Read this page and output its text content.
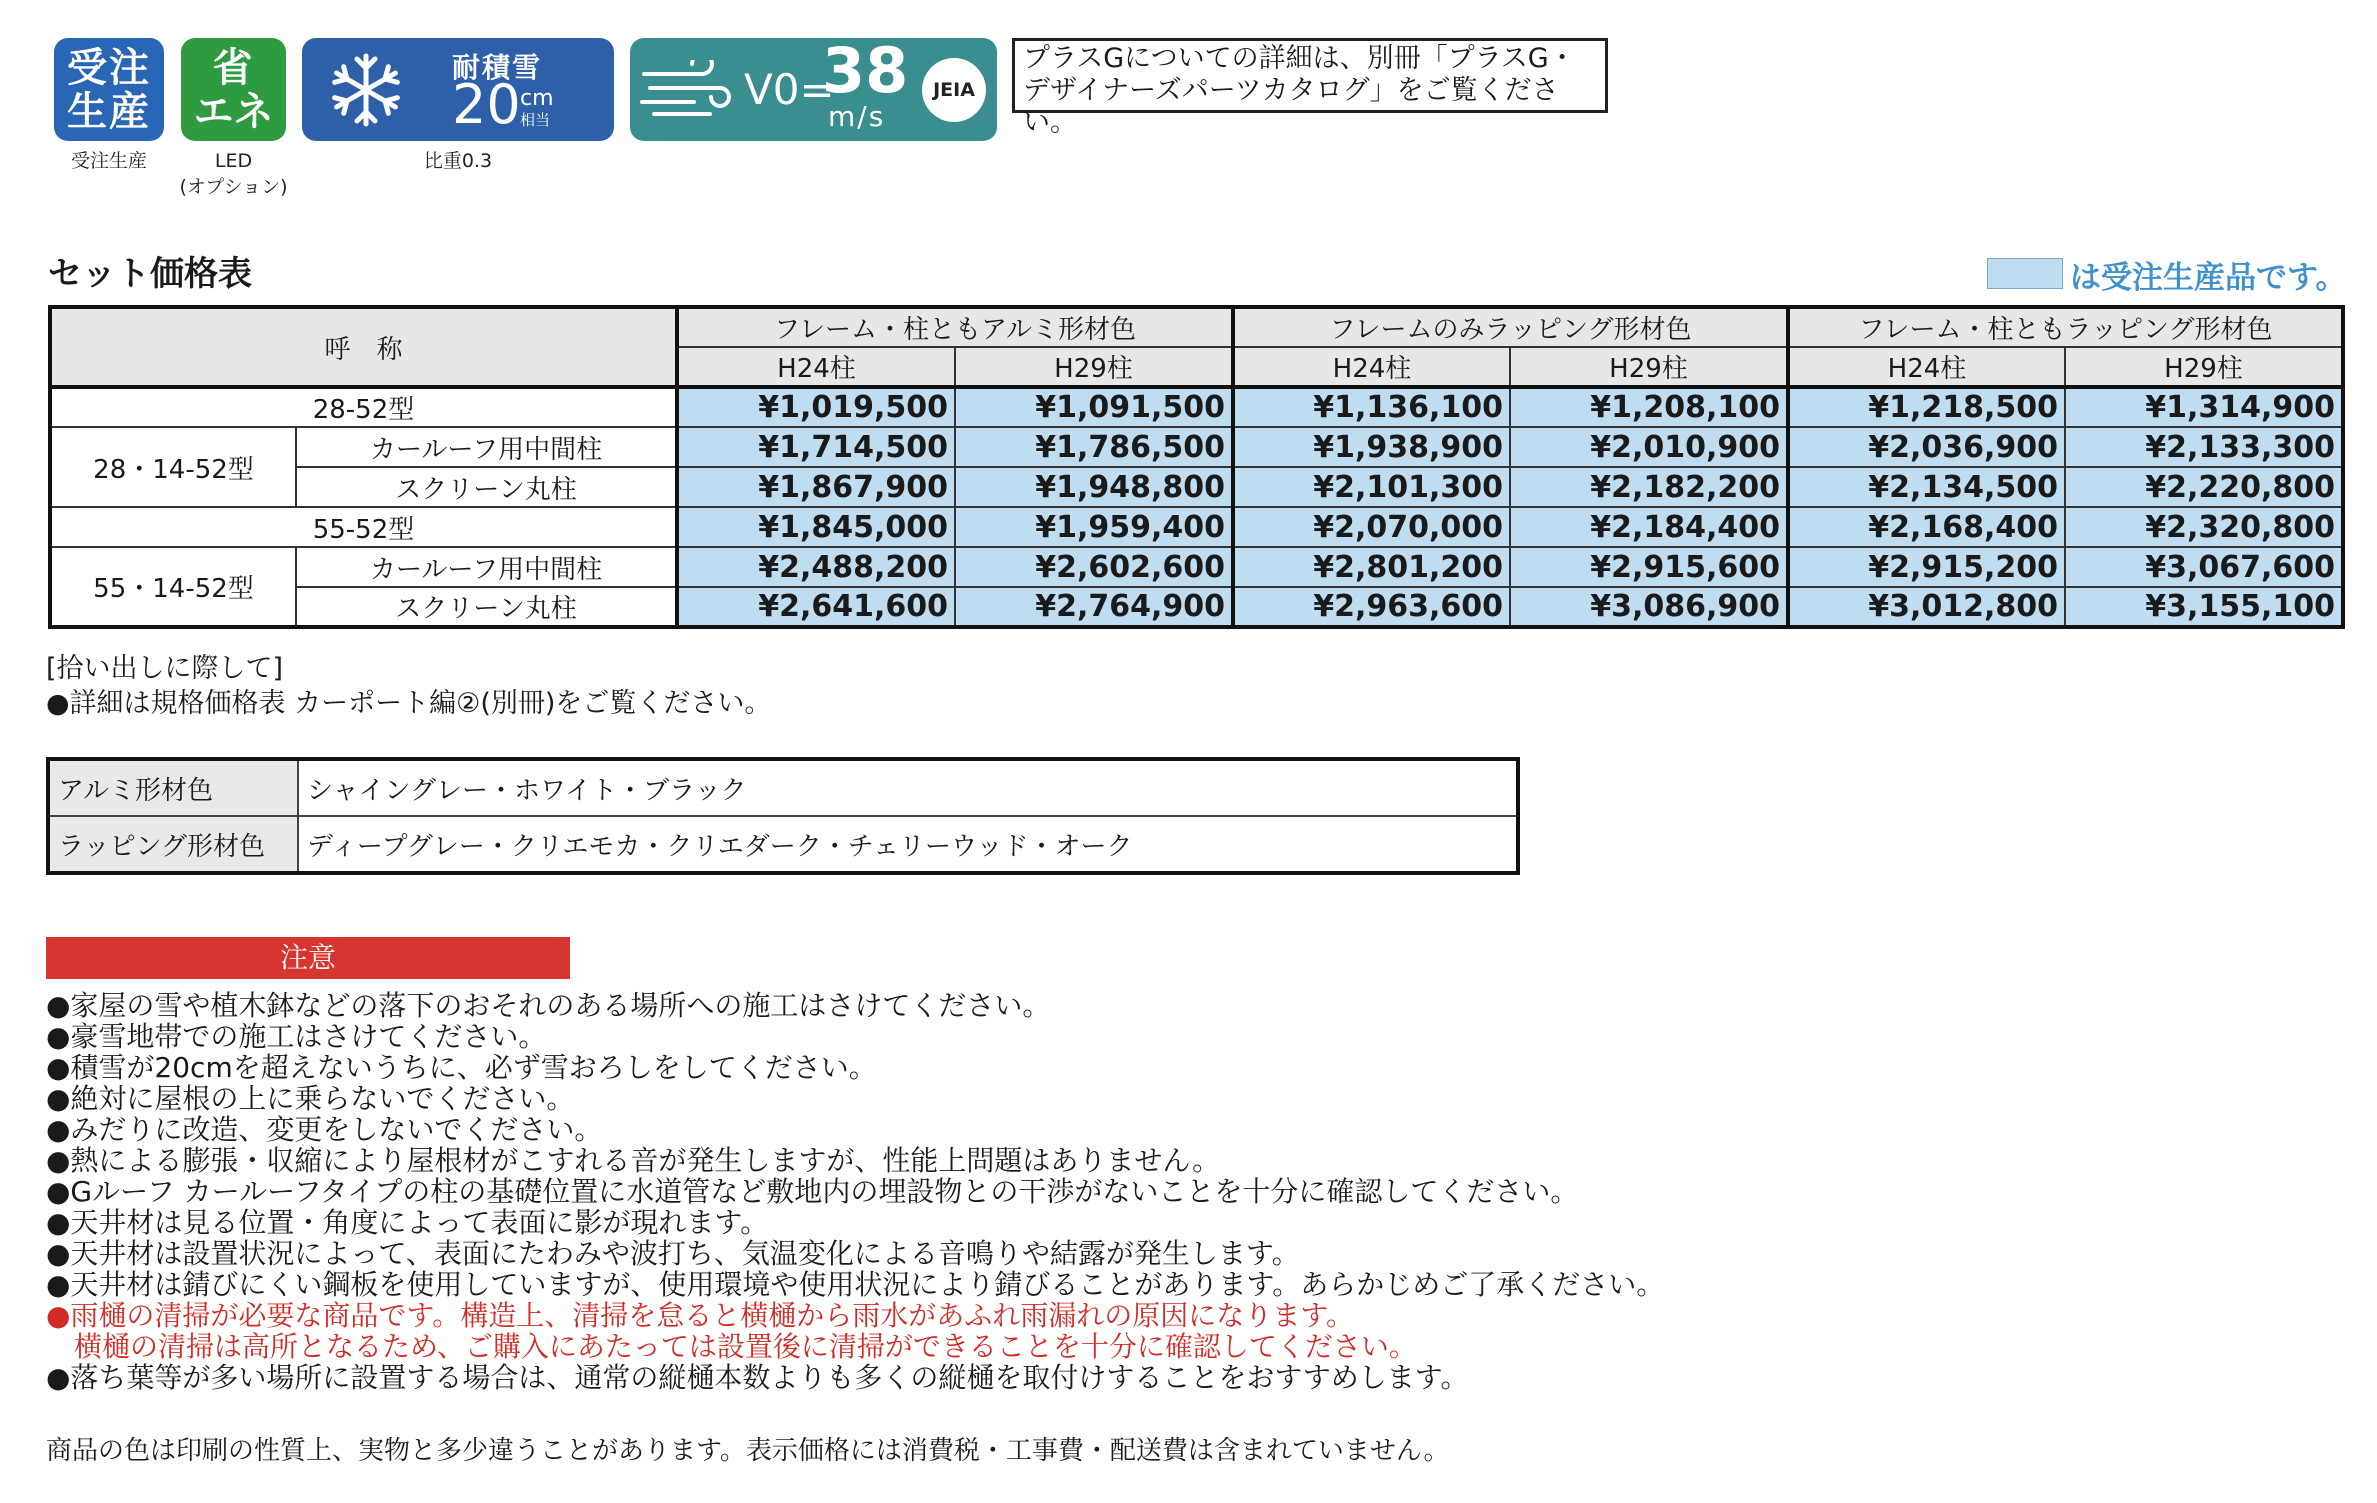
受注
生産
受注生産
省
エネ
LED
(オプション)
耐積雪
20 cm
相当
比重0.3
V0=
38
m/s
JEIA
プラスGについての詳細は、別冊「プラスG・
デザイナーズパーツカタログ」をご覧ください。
セット価格表	は受注生産品です。
呼　称		フレーム・柱ともアルミ形材色		フレームのみラッピング形材色		フレーム・柱ともラッピング形材色	
		H24柱	H29柱	H24柱	H29柱	H24柱	H29柱
28-52型		¥1,019,500	¥1,091,500	¥1,136,100	¥1,208,100	¥1,218,500	¥1,314,900
28・14-52型	カールーフ用中間柱	¥1,714,500	¥1,786,500	¥1,938,900	¥2,010,900	¥2,036,900	¥2,133,300
	スクリーン丸柱	¥1,867,900	¥1,948,800	¥2,101,300	¥2,182,200	¥2,134,500	¥2,220,800
55-52型		¥1,845,000	¥1,959,400	¥2,070,000	¥2,184,400	¥2,168,400	¥2,320,800
55・14-52型	カールーフ用中間柱	¥2,488,200	¥2,602,600	¥2,801,200	¥2,915,600	¥2,915,200	¥3,067,600
	スクリーン丸柱	¥2,641,600	¥2,764,900	¥2,963,600	¥3,086,900	¥3,012,800	¥3,155,100
[拾い出しに際して]
●詳細は規格価格表 カーポート編②(別冊)をご覧ください。
アルミ形材色	シャイングレー・ホワイト・ブラック
ラッピング形材色	ディープグレー・クリエモカ・クリエダーク・チェリーウッド・オーク
注意
●家屋の雪や植木鉢などの落下のおそれのある場所への施工はさけてください。
●豪雪地帯での施工はさけてください。
●積雪が20cmを超えないうちに、必ず雪おろしをしてください。
●絶対に屋根の上に乗らないでください。
●みだりに改造、変更をしないでください。
●熱による膨張・収縮により屋根材がこすれる音が発生しますが、性能上問題はありません。
●Gルーフ カールーフタイプの柱の基礎位置に水道管など敷地内の埋設物との干渉がないことを十分に確認してください。
●天井材は見る位置・角度によって表面に影が現れます。
●天井材は設置状況によって、表面にたわみや波打ち、気温変化による音鳴りや結露が発生します。
●天井材は錆びにくい鋼板を使用していますが、使用環境や使用状況により錆びることがあります。あらかじめご了承ください。
●雨樋の清掃が必要な商品です。構造上、清掃を怠ると横樋から雨水があふれ雨漏れの原因になります。
　横樋の清掃は高所となるため、ご購入にあたっては設置後に清掃ができることを十分に確認してください。
●落ち葉等が多い場所に設置する場合は、通常の縦樋本数よりも多くの縦樋を取付けすることをおすすめします。
商品の色は印刷の性質上、実物と多少違うことがあります。表示価格には消費税・工事費・配送費は含まれていません。
